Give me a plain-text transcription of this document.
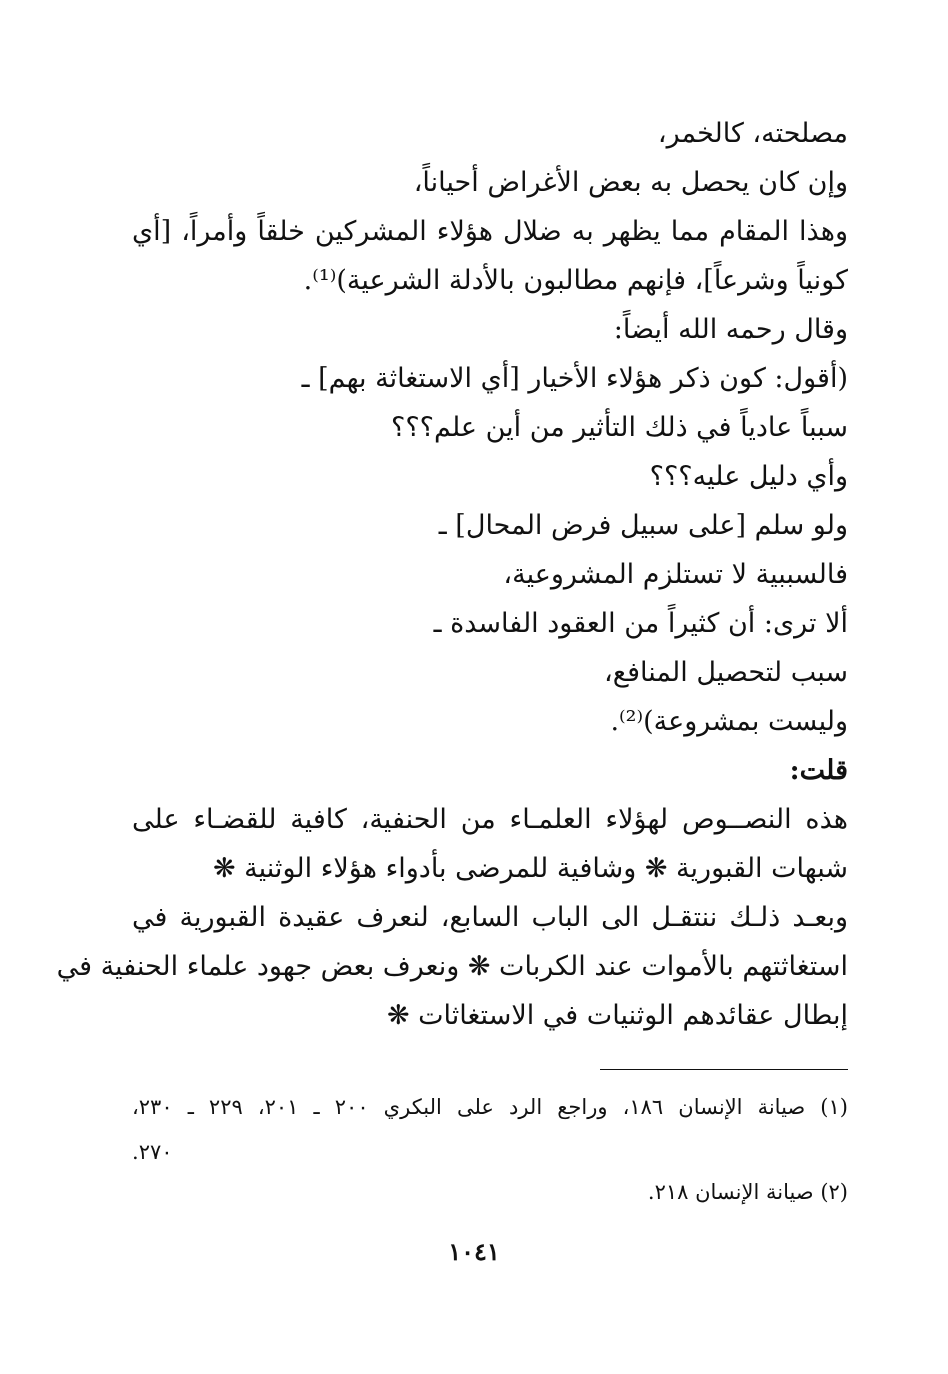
مصلحته، كالخمر،
وإن كان يحصل به بعض الأغراض أحياناً،
وهذا المقام مما يظهر به ضلال هؤلاء المشركين خلقاً وأمراً، [أي
كونياً وشرعاً]، فإنهم مطالبون بالأدلة الشرعية)⁽¹⁾.
وقال رحمه الله أيضاً:
(أقول: كون ذكر هؤلاء الأخيار [أي الاستغاثة بهم] ـ
سبباً عادياً في ذلك التأثير من أين علم؟؟؟
وأي دليل عليه؟؟؟
ولو سلم [على سبيل فرض المحال] ـ
فالسببية لا تستلزم المشروعية،
ألا ترى: أن كثيراً من العقود الفاسدة ـ
سبب لتحصيل المنافع،
وليست بمشروعة)⁽²⁾.
قلت:
هذه النصــوص لهؤلاء العلمـاء من الحنفية، كافية للقضـاء على
شبهات القبورية ❋ وشافية للمرضى بأدواء هؤلاء الوثنية ❋
وبعـد ذلـك ننتقـل الى الباب السابع، لنعرف عقيدة القبورية في
استغاثتهم بالأموات عند الكربات ❋ ونعرف بعض جهود علماء الحنفية في
إبطال عقائدهم الوثنيات في الاستغاثات ❋
(١) صيانة الإنسان ١٨٦، وراجع الرد على البكري ٢٠٠ ـ ٢٠١، ٢٢٩ ـ ٢٣٠،
٢٧٠.
(٢) صيانة الإنسان ٢١٨.
١٠٤١
